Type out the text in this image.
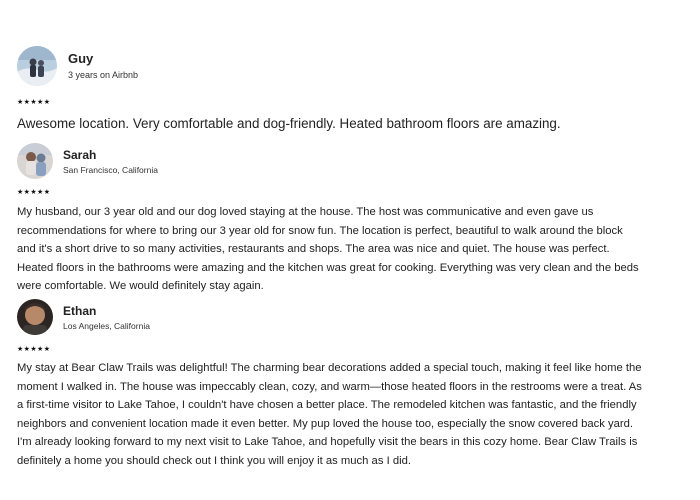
Guy
3 years on Airbnb
★★★★★
Awesome location. Very comfortable and dog-friendly. Heated bathroom floors are amazing.
Sarah
San Francisco, California
★★★★★
My husband, our 3 year old and our dog loved staying at the house. The host was communicative and even gave us
recommendations for where to bring our 3 year old for snow fun. The location is perfect, beautiful to walk around the block
and it's a short drive to so many activities, restaurants and shops. The area was nice and quiet. The house was perfect.
Heated floors in the bathrooms were amazing and the kitchen was great for cooking. Everything was very clean and the beds
were comfortable. We would definitely stay again.
Ethan
Los Angeles, California
★★★★★
My stay at Bear Claw Trails was delightful! The charming bear decorations added a special touch, making it feel like home the
moment I walked in. The house was impeccably clean, cozy, and warm—those heated floors in the restrooms were a treat. As
a first-time visitor to Lake Tahoe, I couldn't have chosen a better place. The remodeled kitchen was fantastic, and the friendly
neighbors and convenient location made it even better. My pup loved the house too, especially the snow covered back yard.
I'm already looking forward to my next visit to Lake Tahoe, and hopefully visit the bears in this cozy home. Bear Claw Trails is
definitely a home you should check out I think you will enjoy it as much as I did.
